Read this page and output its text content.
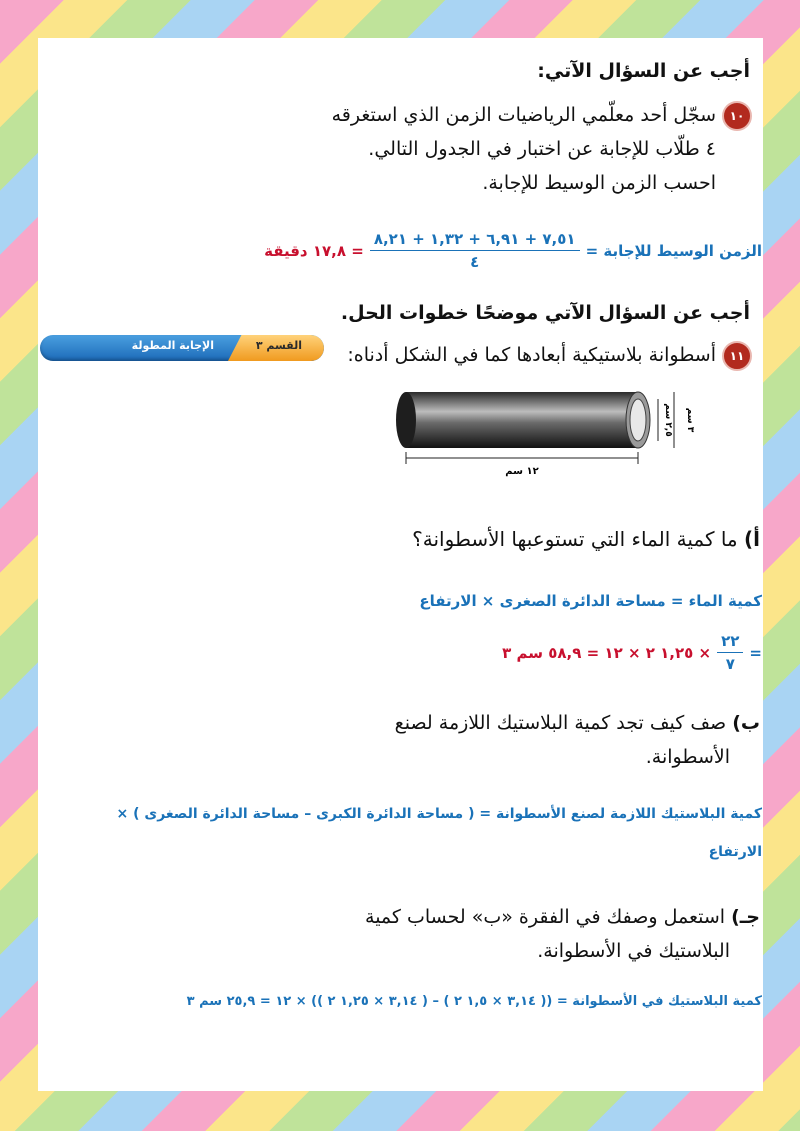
أجب عن السؤال الآتي:
١٠
سجّل أحد معلّمي الرياضيات الزمن الذي استغرقه
٤ طلّاب للإجابة عن اختبار في الجدول التالي.
احسب الزمن الوسيط للإجابة.
الزمن الوسيط للإجابة =
$\frac{٧,٥١ + ٦,٩١ + ١,٣٢ + ٨,٢١}{٤}$
= ١٧,٨ دقيقة
أجب عن السؤال الآتي موضحًا خطوات الحل.
القسم ٣
الإجابة المطولة
١١
أسطوانة بلاستيكية أبعادها كما في الشكل أدناه:
١٢ سم
٣ سم
٢,٥ سم
أ) ما كمية الماء التي تستوعبها الأسطوانة؟
كمية الماء = مساحة الدائرة الصغرى × الارتفاع
=
$\frac{٢٢}{٧}$
× ١,٢٥ ٢ × ١٢ = ٥٨,٩ سم ٣
ب) صف كيف تجد كمية البلاستيك اللازمة لصنع
الأسطوانة.
كمية البلاستيك اللازمة لصنع الأسطوانة = ( مساحة الدائرة الكبرى – مساحة الدائرة الصغرى ) ×
الارتفاع
جـ) استعمل وصفك في الفقرة «ب» لحساب كمية
البلاستيك في الأسطوانة.
كمية البلاستيك في الأسطوانة = (( ٣,١٤ × ١,٥ ٢ ) – ( ٣,١٤ × ١,٢٥ ٢ )) × ١٢ = ٢٥,٩ سم ٣
